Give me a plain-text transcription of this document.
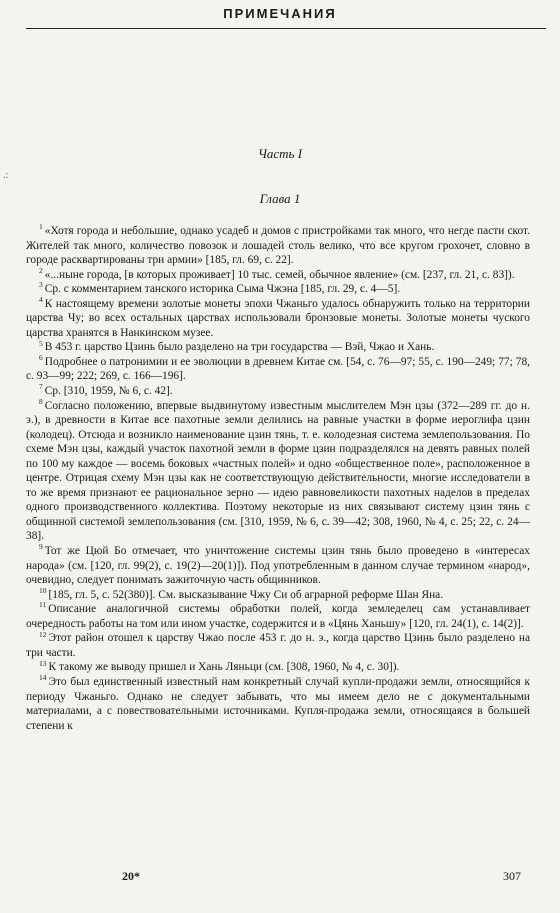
ПРИМЕЧАНИЯ
.:
Часть I
Глава 1

$^1$ «Хотя города и небольшие, однако усадеб и домов с пристройками так много, что негде пасти скот. Жителей так много, количество повозок и лошадей столь велико, что все кругом грохочет, словно в городе расквартированы три армии» [185, гл. 69, с. 22].

$^2$ «...ныне города, [в которых проживает] 10 тыс. семей, обычное явление» (см. [237, гл. 21, с. 83]).

$^3$ Ср. с комментарием танского историка Сыма Чжэна [185, гл. 29, с. 4—5].

$^4$ К настоящему времени золотые монеты эпохи Чжаньго удалось обнаружить только на территории царства Чу; во всех остальных царствах использовали бронзовые монеты. Золотые монеты чуского царства хранятся в Нанкинском музее.

$^5$ В 453 г. царство Цзинь было разделено на три государства — Вэй, Чжао и Хань.

$^6$ Подробнее о патронимии и ее эволюции в древнем Китае см. [54, с. 76—97; 55, с. 190—249; 77; 78, с. 93—99; 222; 269, с. 166—196].

$^7$ Ср. [310, 1959, № 6, с. 42].

$^8$ Согласно положению, впервые выдвинутому известным мыслителем Мэн цзы (372—289 гг. до н. э.), в древности в Китае все пахотные земли делились на равные участки в форме иероглифа цзин (колодец). Отсюда и возникло наименование цзин тянь, т. е. колодезная система землепользования. По схеме Мэн цзы, каждый участок пахотной земли в форме цзин подразделялся на девять равных полей по 100 му каждое — восемь боковых «частных полей» и одно «общественное поле», расположенное в центре. Отрицая схему Мэн цзы как не соответствующую действительности, многие исследователи в то же время признают ее рациональное зерно — идею равновеликости пахотных наделов в пределах одного производственного коллектива. Поэтому некоторые из них связывают систему цзин тянь с общинной системой землепользования (см. [310, 1959, № 6, с. 39—42; 308, 1960, № 4, с. 25; 22, с. 24—38].

$^9$ Тот же Цюй Бо отмечает, что уничтожение системы цзин тянь было проведено в «интересах народа» (см. [120, гл. 99(2), с. 19(2)—20(1)]). Под употребленным в данном случае термином «народ», очевидно, следует понимать зажиточную часть общинников.

$^{10}$ [185, гл. 5, с. 52(380)]. См. высказывание Чжу Си об аграрной реформе Шан Яна.

$^{11}$ Описание аналогичной системы обработки полей, когда земледелец сам устанавливает очередность работы на том или ином участке, содержится и в «Цянь Ханьшу» [120, гл. 24(1), с. 14(2)].

$^{12}$ Этот район отошел к царству Чжао после 453 г. до н. э., когда царство Цзинь было разделено на три части.

$^{13}$ К такому же выводу пришел и Хань Ляньци (см. [308, 1960, № 4, с. 30]).

$^{14}$ Это был единственный известный нам конкретный случай купли-продажи земли, относящийся к периоду Чжаньго. Однако не следует забывать, что мы имеем дело не с документальными материалами, а с повествовательными источниками. Купля-продажа земли, относящаяся в большей степени к

20*	307
